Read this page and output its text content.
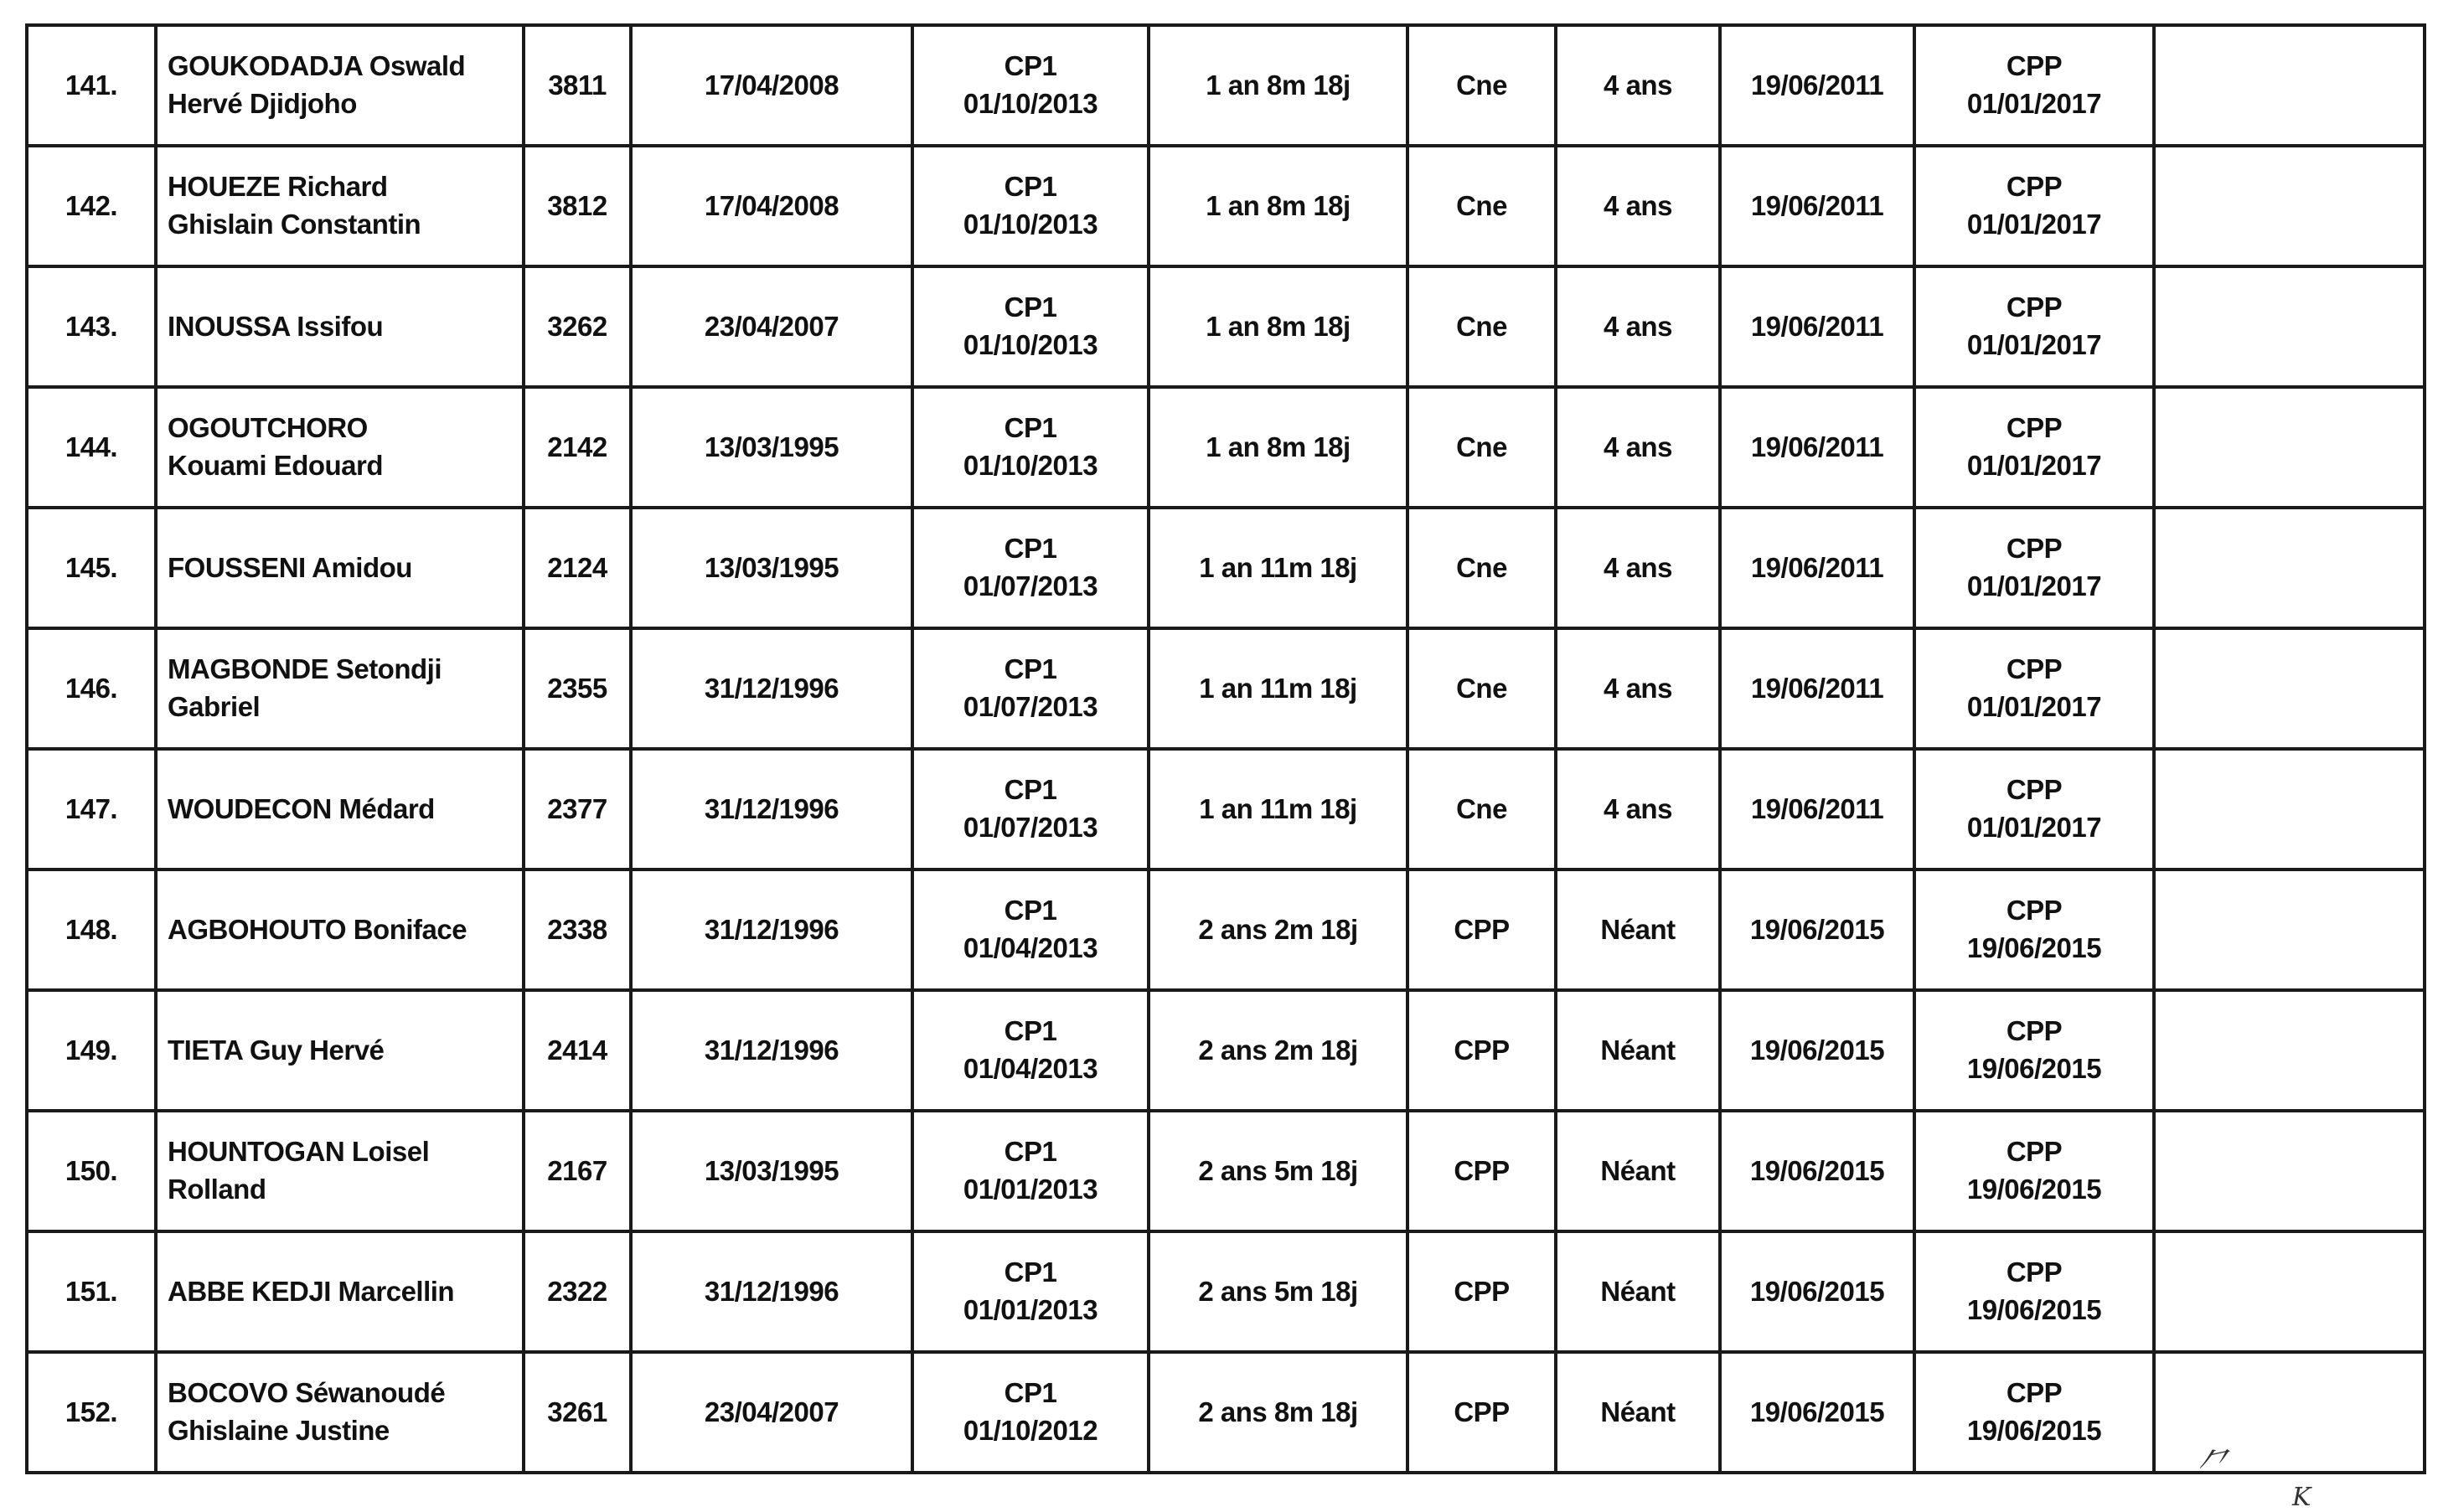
141.	GOUKODADJA Oswald
Hervé Djidjoho	3811	17/04/2008	CP1
01/10/2013	1 an 8m 18j	Cne	4 ans	19/06/2011	CPP
01/01/2017	

142.	HOUEZE Richard
Ghislain Constantin	3812	17/04/2008	CP1
01/10/2013	1 an 8m 18j	Cne	4 ans	19/06/2011	CPP
01/01/2017	

143.	INOUSSA Issifou	3262	23/04/2007	CP1
01/10/2013	1 an 8m 18j	Cne	4 ans	19/06/2011	CPP
01/01/2017	

144.	OGOUTCHORO
Kouami Edouard	2142	13/03/1995	CP1
01/10/2013	1 an 8m 18j	Cne	4 ans	19/06/2011	CPP
01/01/2017	

145.	FOUSSENI Amidou	2124	13/03/1995	CP1
01/07/2013	1 an 11m 18j	Cne	4 ans	19/06/2011	CPP
01/01/2017	

146.	MAGBONDE Setondji
Gabriel	2355	31/12/1996	CP1
01/07/2013	1 an 11m 18j	Cne	4 ans	19/06/2011	CPP
01/01/2017	

147.	WOUDECON Médard	2377	31/12/1996	CP1
01/07/2013	1 an 11m 18j	Cne	4 ans	19/06/2011	CPP
01/01/2017	

148.	AGBOHOUTO Boniface	2338	31/12/1996	CP1
01/04/2013	2 ans 2m 18j	CPP	Néant	19/06/2015	CPP
19/06/2015	

149.	TIETA Guy Hervé	2414	31/12/1996	CP1
01/04/2013	2 ans 2m 18j	CPP	Néant	19/06/2015	CPP
19/06/2015	

150.	HOUNTOGAN Loisel
Rolland	2167	13/03/1995	CP1
01/01/2013	2 ans 5m 18j	CPP	Néant	19/06/2015	CPP
19/06/2015	

151.	ABBE KEDJI Marcellin	2322	31/12/1996	CP1
01/01/2013	2 ans 5m 18j	CPP	Néant	19/06/2015	CPP
19/06/2015	

152.	BOCOVO Séwanoudé
Ghislaine Justine	3261	23/04/2007	CP1
01/10/2012	2 ans 8m 18j	CPP	Néant	19/06/2015	CPP
19/06/2015	

⺈
K
